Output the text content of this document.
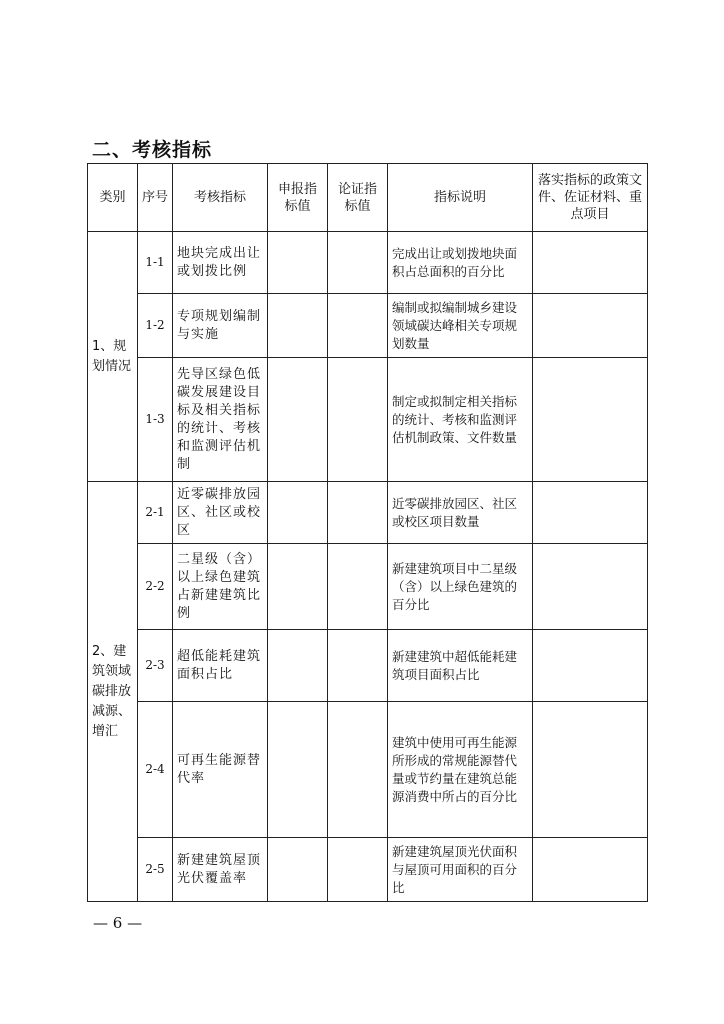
二、考核指标
类别	序号	考核指标	申报指标值	论证指标值	指标说明	落实指标的政策文件、佐证材料、重点项目
1、规划情况	1-1	地块完成出让或划拨比例			完成出让或划拨地块面积占总面积的百分比	
	1-2	专项规划编制与实施			编制或拟编制城乡建设领域碳达峰相关专项规划数量	
	1-3	先导区绿色低碳发展建设目标及相关指标的统计、考核和监测评估机制			制定或拟制定相关指标的统计、考核和监测评估机制政策、文件数量	
2、建筑领域碳排放减源、增汇	2-1	近零碳排放园区、社区或校区			近零碳排放园区、社区或校区项目数量	
	2-2	二星级（含）以上绿色建筑占新建建筑比例			新建建筑项目中二星级（含）以上绿色建筑的百分比	
	2-3	超低能耗建筑面积占比			新建建筑中超低能耗建筑项目面积占比	
	2-4	可再生能源替代率			建筑中使用可再生能源所形成的常规能源替代量或节约量在建筑总能源消费中所占的百分比	
	2-5	新建建筑屋顶光伏覆盖率			新建建筑屋顶光伏面积与屋顶可用面积的百分比	

— 6 —
